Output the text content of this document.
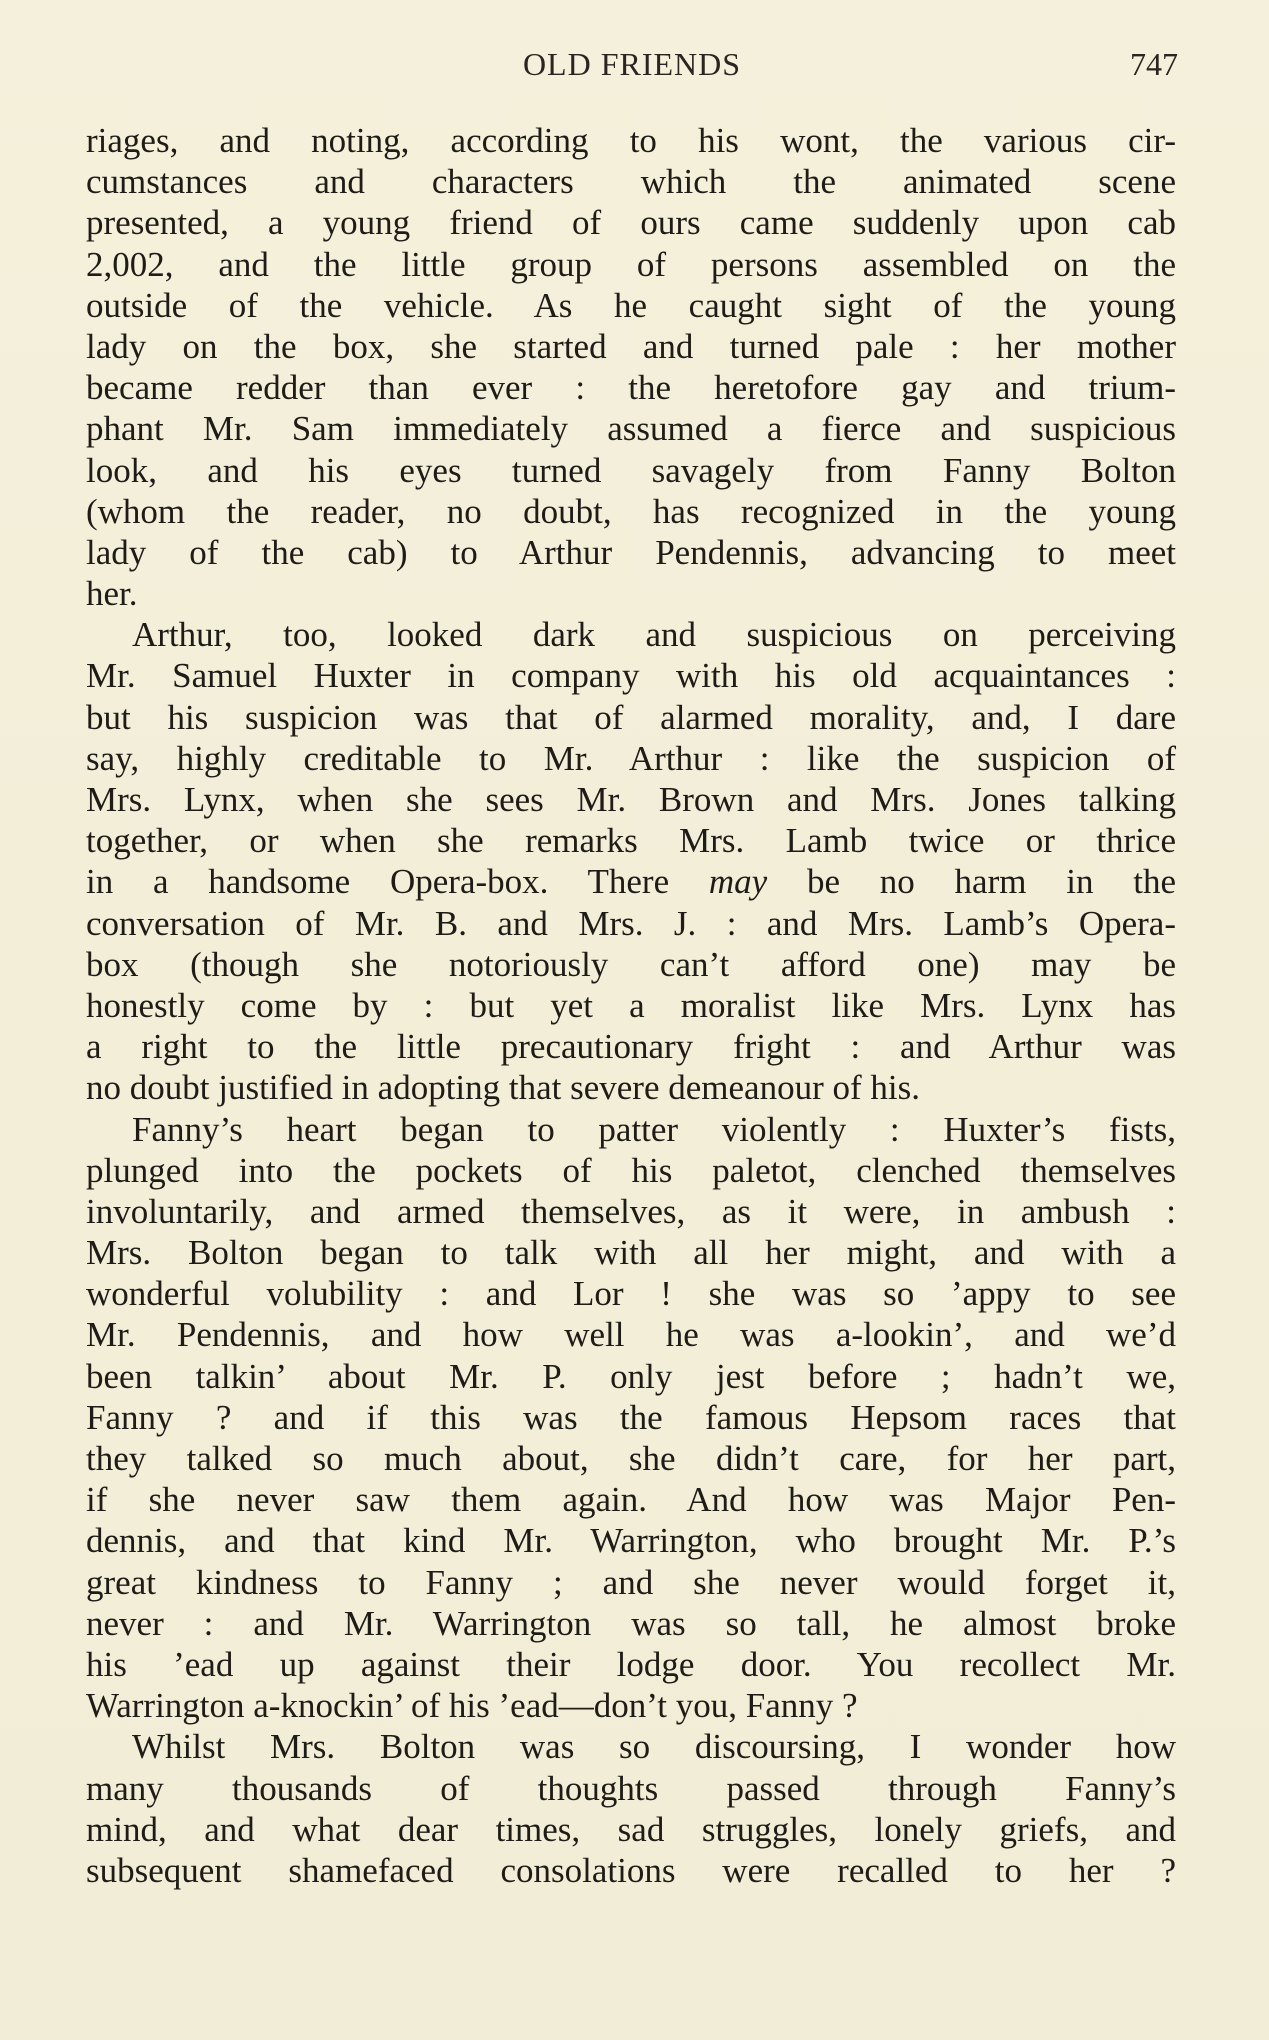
OLD FRIENDS	747
riages, and noting, according to his wont, the various cir-
cumstances and characters which the animated scene
presented, a young friend of ours came suddenly upon cab
2,002, and the little group of persons assembled on the
outside of the vehicle. As he caught sight of the young
lady on the box, she started and turned pale : her mother
became redder than ever : the heretofore gay and trium-
phant Mr. Sam immediately assumed a fierce and suspicious
look, and his eyes turned savagely from Fanny Bolton
(whom the reader, no doubt, has recognized in the young
lady of the cab) to Arthur Pendennis, advancing to meet
her.
Arthur, too, looked dark and suspicious on perceiving
Mr. Samuel Huxter in company with his old acquaintances :
but his suspicion was that of alarmed morality, and, I dare
say, highly creditable to Mr. Arthur : like the suspicion of
Mrs. Lynx, when she sees Mr. Brown and Mrs. Jones talking
together, or when she remarks Mrs. Lamb twice or thrice
in a handsome Opera-box. There may be no harm in the
conversation of Mr. B. and Mrs. J. : and Mrs. Lamb’s Opera-
box (though she notoriously can’t afford one) may be
honestly come by : but yet a moralist like Mrs. Lynx has
a right to the little precautionary fright : and Arthur was
no doubt justified in adopting that severe demeanour of his.
Fanny’s heart began to patter violently : Huxter’s fists,
plunged into the pockets of his paletot, clenched themselves
involuntarily, and armed themselves, as it were, in ambush :
Mrs. Bolton began to talk with all her might, and with a
wonderful volubility : and Lor ! she was so ’appy to see
Mr. Pendennis, and how well he was a-lookin’, and we’d
been talkin’ about Mr. P. only jest before ; hadn’t we,
Fanny ? and if this was the famous Hepsom races that
they talked so much about, she didn’t care, for her part,
if she never saw them again. And how was Major Pen-
dennis, and that kind Mr. Warrington, who brought Mr. P.’s
great kindness to Fanny ; and she never would forget it,
never : and Mr. Warrington was so tall, he almost broke
his ’ead up against their lodge door. You recollect Mr.
Warrington a-knockin’ of his ’ead—don’t you, Fanny ?
Whilst Mrs. Bolton was so discoursing, I wonder how
many thousands of thoughts passed through Fanny’s
mind, and what dear times, sad struggles, lonely griefs, and
subsequent shamefaced consolations were recalled to her ?
